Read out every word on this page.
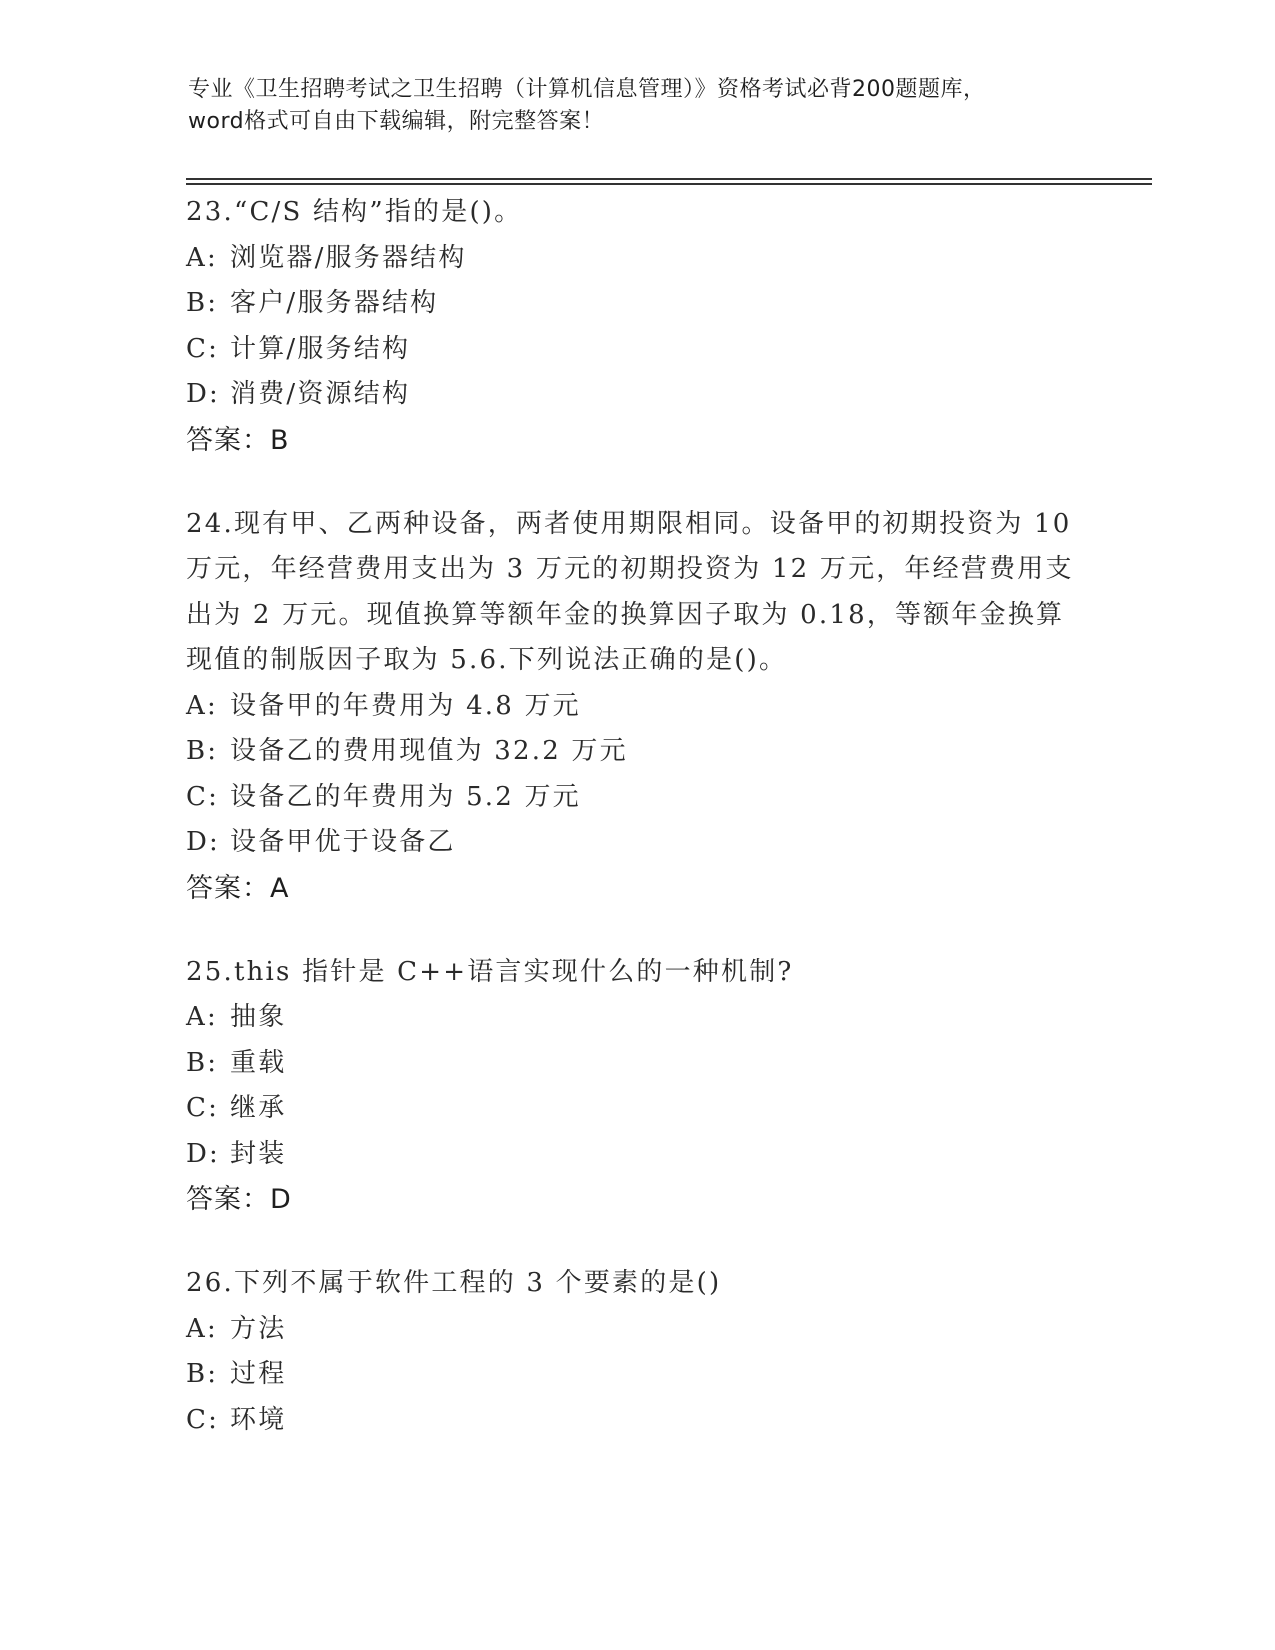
专业《卫生招聘考试之卫生招聘（计算机信息管理）》资格考试必背200题题库，
word格式可自由下载编辑，附完整答案！

23.“C/S 结构”指的是()。

A: 浏览器/服务器结构
B: 客户/服务器结构
C: 计算/服务结构
D: 消费/资源结构
答案：B

24.现有甲、乙两种设备，两者使用期限相同。设备甲的初期投资为 10 万元，年经营费用支出为 3 万元的初期投资为 12 万元，年经营费用支出为 2 万元。现值换算等额年金的换算因子取为 0.18，等额年金换算现值的制版因子取为 5.6.下列说法正确的是()。

A: 设备甲的年费用为 4.8 万元
B: 设备乙的费用现值为 32.2 万元
C: 设备乙的年费用为 5.2 万元
D: 设备甲优于设备乙
答案：A

25.this 指针是 C++语言实现什么的一种机制?

A: 抽象
B: 重载
C: 继承
D: 封装
答案：D

26.下列不属于软件工程的 3 个要素的是()

A: 方法
B: 过程
C: 环境
